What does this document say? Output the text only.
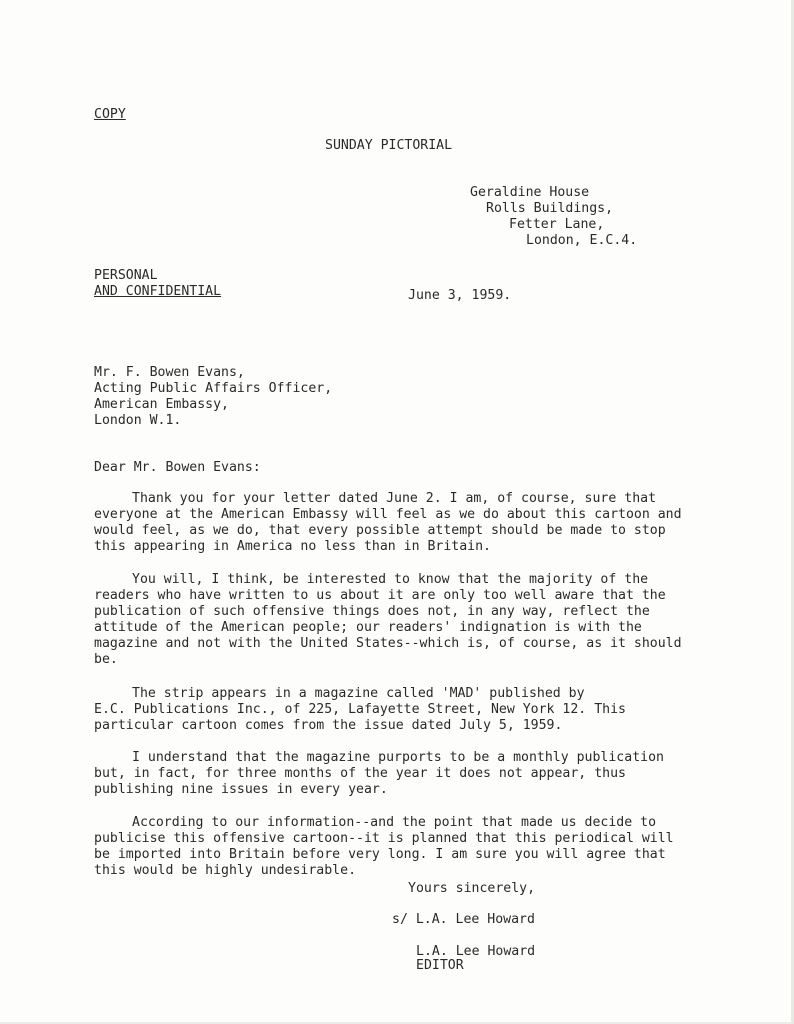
COPY
SUNDAY PICTORIAL
Geraldine House
Rolls Buildings,
Fetter Lane,
London, E.C.4.
PERSONAL
AND CONFIDENTIAL	June 3, 1959.
Mr. F. Bowen Evans,
Acting Public Affairs Officer,
American Embassy,
London W.1.
Dear Mr. Bowen Evans:
Thank you for your letter dated June 2. I am, of course, sure that
everyone at the American Embassy will feel as we do about this cartoon and
would feel, as we do, that every possible attempt should be made to stop
this appearing in America no less than in Britain.
You will, I think, be interested to know that the majority of the
readers who have written to us about it are only too well aware that the
publication of such offensive things does not, in any way, reflect the
attitude of the American people; our readers' indignation is with the
magazine and not with the United States--which is, of course, as it should
be.
The strip appears in a magazine called 'MAD' published by
E.C. Publications Inc., of 225, Lafayette Street, New York 12. This
particular cartoon comes from the issue dated July 5, 1959.
I understand that the magazine purports to be a monthly publication
but, in fact, for three months of the year it does not appear, thus
publishing nine issues in every year.
According to our information--and the point that made us decide to
publicise this offensive cartoon--it is planned that this periodical will
be imported into Britain before very long. I am sure you will agree that
this would be highly undesirable.
Yours sincerely,
s/ L.A. Lee Howard
L.A. Lee Howard
EDITOR
